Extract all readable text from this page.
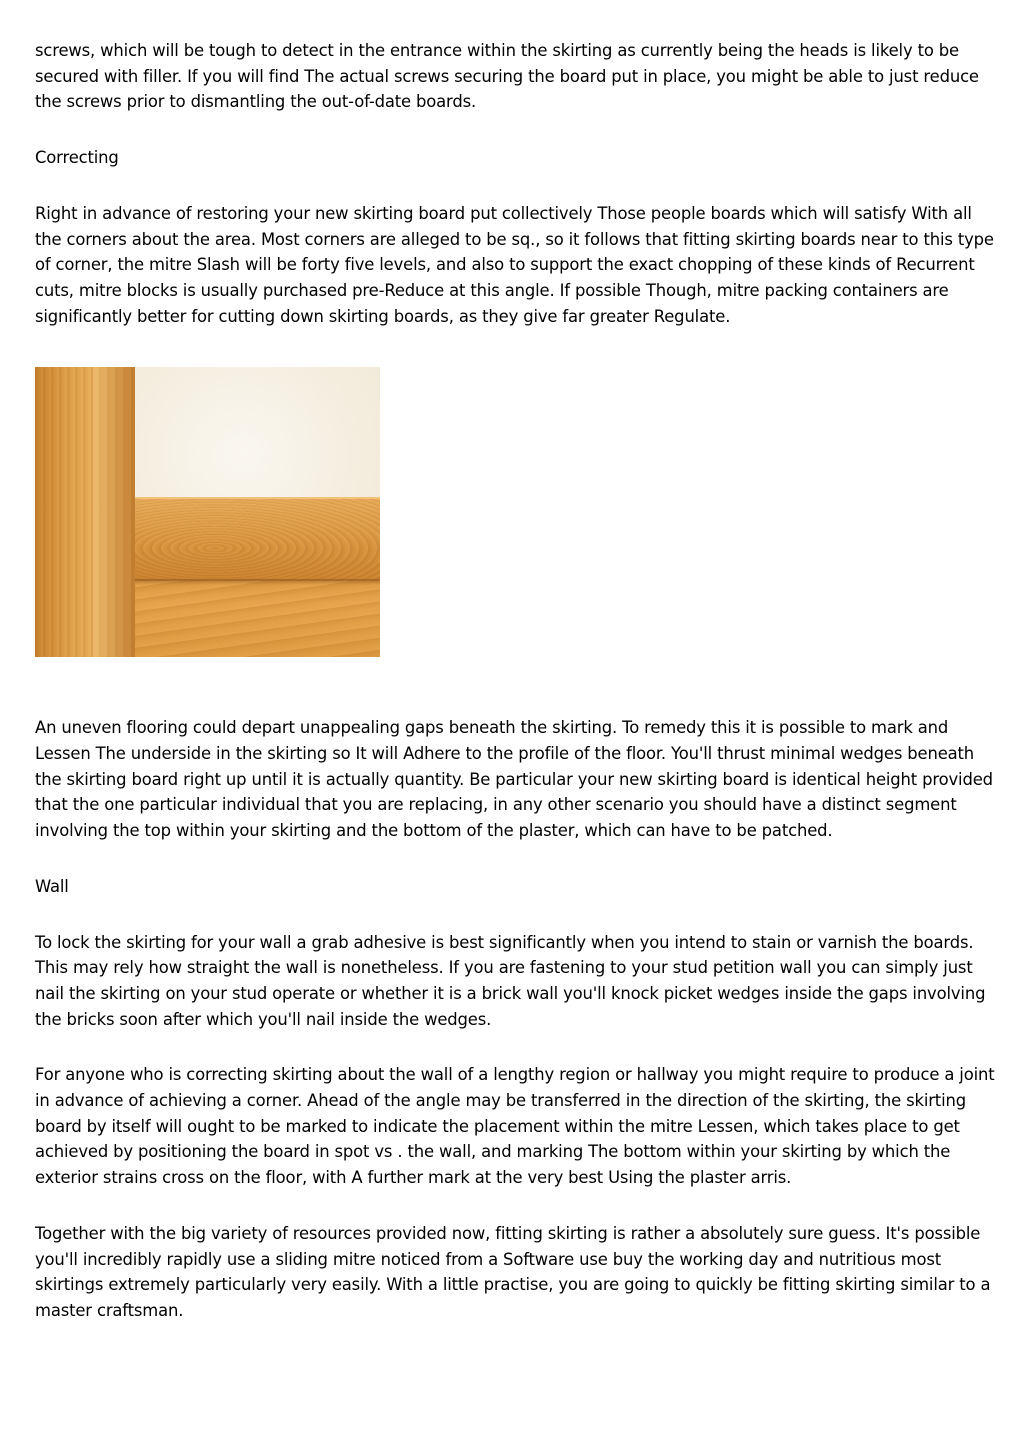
screws, which will be tough to detect in the entrance within the skirting as currently being the heads is likely to be secured with filler. If you will find The actual screws securing the board put in place, you might be able to just reduce the screws prior to dismantling the out-of-date boards.

Correcting

Right in advance of restoring your new skirting board put collectively Those people boards which will satisfy With all the corners about the area. Most corners are alleged to be sq., so it follows that fitting skirting boards near to this type of corner, the mitre Slash will be forty five levels, and also to support the exact chopping of these kinds of Recurrent cuts, mitre blocks is usually purchased pre-Reduce at this angle. If possible Though, mitre packing containers are significantly better for cutting down skirting boards, as they give far greater Regulate.

An uneven flooring could depart unappealing gaps beneath the skirting. To remedy this it is possible to mark and Lessen The underside in the skirting so It will Adhere to the profile of the floor. You'll thrust minimal wedges beneath the skirting board right up until it is actually quantity. Be particular your new skirting board is identical height provided that the one particular individual that you are replacing, in any other scenario you should have a distinct segment involving the top within your skirting and the bottom of the plaster, which can have to be patched.

Wall

To lock the skirting for your wall a grab adhesive is best significantly when you intend to stain or varnish the boards. This may rely how straight the wall is nonetheless. If you are fastening to your stud petition wall you can simply just nail the skirting on your stud operate or whether it is a brick wall you'll knock picket wedges inside the gaps involving the bricks soon after which you'll nail inside the wedges.

For anyone who is correcting skirting about the wall of a lengthy region or hallway you might require to produce a joint in advance of achieving a corner. Ahead of the angle may be transferred in the direction of the skirting, the skirting board by itself will ought to be marked to indicate the placement within the mitre Lessen, which takes place to get achieved by positioning the board in spot vs . the wall, and marking The bottom within your skirting by which the exterior strains cross on the floor, with A further mark at the very best Using the plaster arris.

Together with the big variety of resources provided now, fitting skirting is rather a absolutely sure guess. It's possible you'll incredibly rapidly use a sliding mitre noticed from a Software use buy the working day and nutritious most skirtings extremely particularly very easily. With a little practise, you are going to quickly be fitting skirting similar to a master craftsman.
